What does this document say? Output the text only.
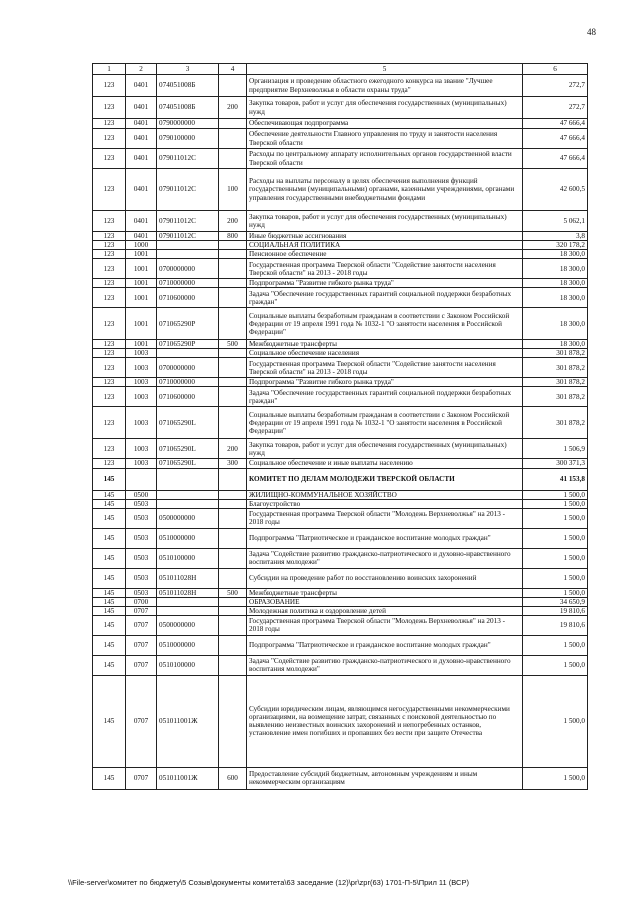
48
1	2	3	4	5	6
123	0401	074051008Б		Организация и проведение областного ежегодного конкурса на звание "Лучшее предприятие Верхневолжья в области охраны труда"	272,7
123	0401	074051008Б	200	Закупка товаров, работ и услуг для обеспечения государственных (муниципальных) нужд	272,7
123	0401	0790000000		Обеспечивающая подпрограмма	47 666,4
123	0401	0790100000		Обеспечение деятельности Главного управления по труду и занятости населения Тверской области	47 666,4
123	0401	079011012С		Расходы по центральному аппарату исполнительных органов государственной власти Тверской области	47 666,4
123	0401	079011012С	100	Расходы на выплаты персоналу в целях обеспечения выполнения функций государственными (муниципальными) органами, казенными учреждениями, органами управления государственными внебюджетными фондами	42 600,5
123	0401	079011012С	200	Закупка товаров, работ и услуг для обеспечения государственных (муниципальных) нужд	5 062,1
123	0401	079011012С	800	Иные бюджетные ассигнования	3,8
123	1000			СОЦИАЛЬНАЯ ПОЛИТИКА	320 178,2
123	1001			Пенсионное обеспечение	18 300,0
123	1001	0700000000		Государственная программа Тверской области "Содействие занятости населения Тверской области" на 2013 - 2018 годы	18 300,0
123	1001	0710000000		Подпрограмма "Развитие гибкого рынка труда"	18 300,0
123	1001	0710600000		Задача "Обеспечение государственных гарантий социальной поддержки безработных граждан"	18 300,0
123	1001	071065290Р		Социальные выплаты безработным гражданам в соответствии с Законом Российской Федерации от 19 апреля 1991 года № 1032-1 "О занятости населения в Российской Федерации"	18 300,0
123	1001	071065290Р	500	Межбюджетные трансферты	18 300,0
123	1003			Социальное обеспечение населения	301 878,2
123	1003	0700000000		Государственная программа Тверской области "Содействие занятости населения Тверской области" на 2013 - 2018 годы	301 878,2
123	1003	0710000000		Подпрограмма "Развитие гибкого рынка труда"	301 878,2
123	1003	0710600000		Задача "Обеспечение государственных гарантий социальной поддержки безработных граждан"	301 878,2
123	1003	071065290L		Социальные выплаты безработным гражданам в соответствии с Законом Российской Федерации от 19 апреля 1991 года № 1032-1 "О занятости населения в Российской Федерации"	301 878,2
123	1003	071065290L	200	Закупка товаров, работ и услуг для обеспечения государственных (муниципальных) нужд	1 506,9
123	1003	071065290L	300	Социальное обеспечение и иные выплаты населению	300 371,3
145				КОМИТЕТ ПО ДЕЛАМ МОЛОДЕЖИ ТВЕРСКОЙ ОБЛАСТИ	41 153,8
145	0500			ЖИЛИЩНО-КОММУНАЛЬНОЕ ХОЗЯЙСТВО	1 500,0
145	0503			Благоустройство	1 500,0
145	0503	0500000000		Государственная программа Тверской области "Молодежь Верхневолжья" на 2013 - 2018 годы	1 500,0
145	0503	0510000000		Подпрограмма "Патриотическое и гражданское воспитание молодых граждан"	1 500,0
145	0503	0510100000		Задача "Содействие развитию гражданско-патриотического и духовно-нравственного воспитания молодежи"	1 500,0
145	0503	051011028Н		Субсидии на проведение работ по восстановлению воинских захоронений	1 500,0
145	0503	051011028Н	500	Межбюджетные трансферты	1 500,0
145	0700			ОБРАЗОВАНИЕ	34 650,9
145	0707			Молодежная политика и оздоровление детей	19 810,6
145	0707	0500000000		Государственная программа Тверской области "Молодежь Верхневолжья" на 2013 - 2018 годы	19 810,6
145	0707	0510000000		Подпрограмма "Патриотическое и гражданское воспитание молодых граждан"	1 500,0
145	0707	0510100000		Задача "Содействие развитию гражданско-патриотического и духовно-нравственного воспитания молодежи"	1 500,0
145	0707	051011001Ж		Субсидии юридическим лицам, являющимся негосударственными некоммерческими организациями, на возмещение затрат, связанных с поисковой деятельностью по выявлению неизвестных воинских захоронений и непогребенных останков, установление имен погибших и пропавших без вести при защите Отечества	1 500,0
145	0707	051011001Ж	600	Предоставление субсидий бюджетным, автономным учреждениям и иным некоммерческим организациям	1 500,0
\\File-server\комитет по бюджету\5 Созыв\документы комитета\63 заседание (12)\pr\zpr(63) 1701-П-5\Прил 11 (ВСР)
